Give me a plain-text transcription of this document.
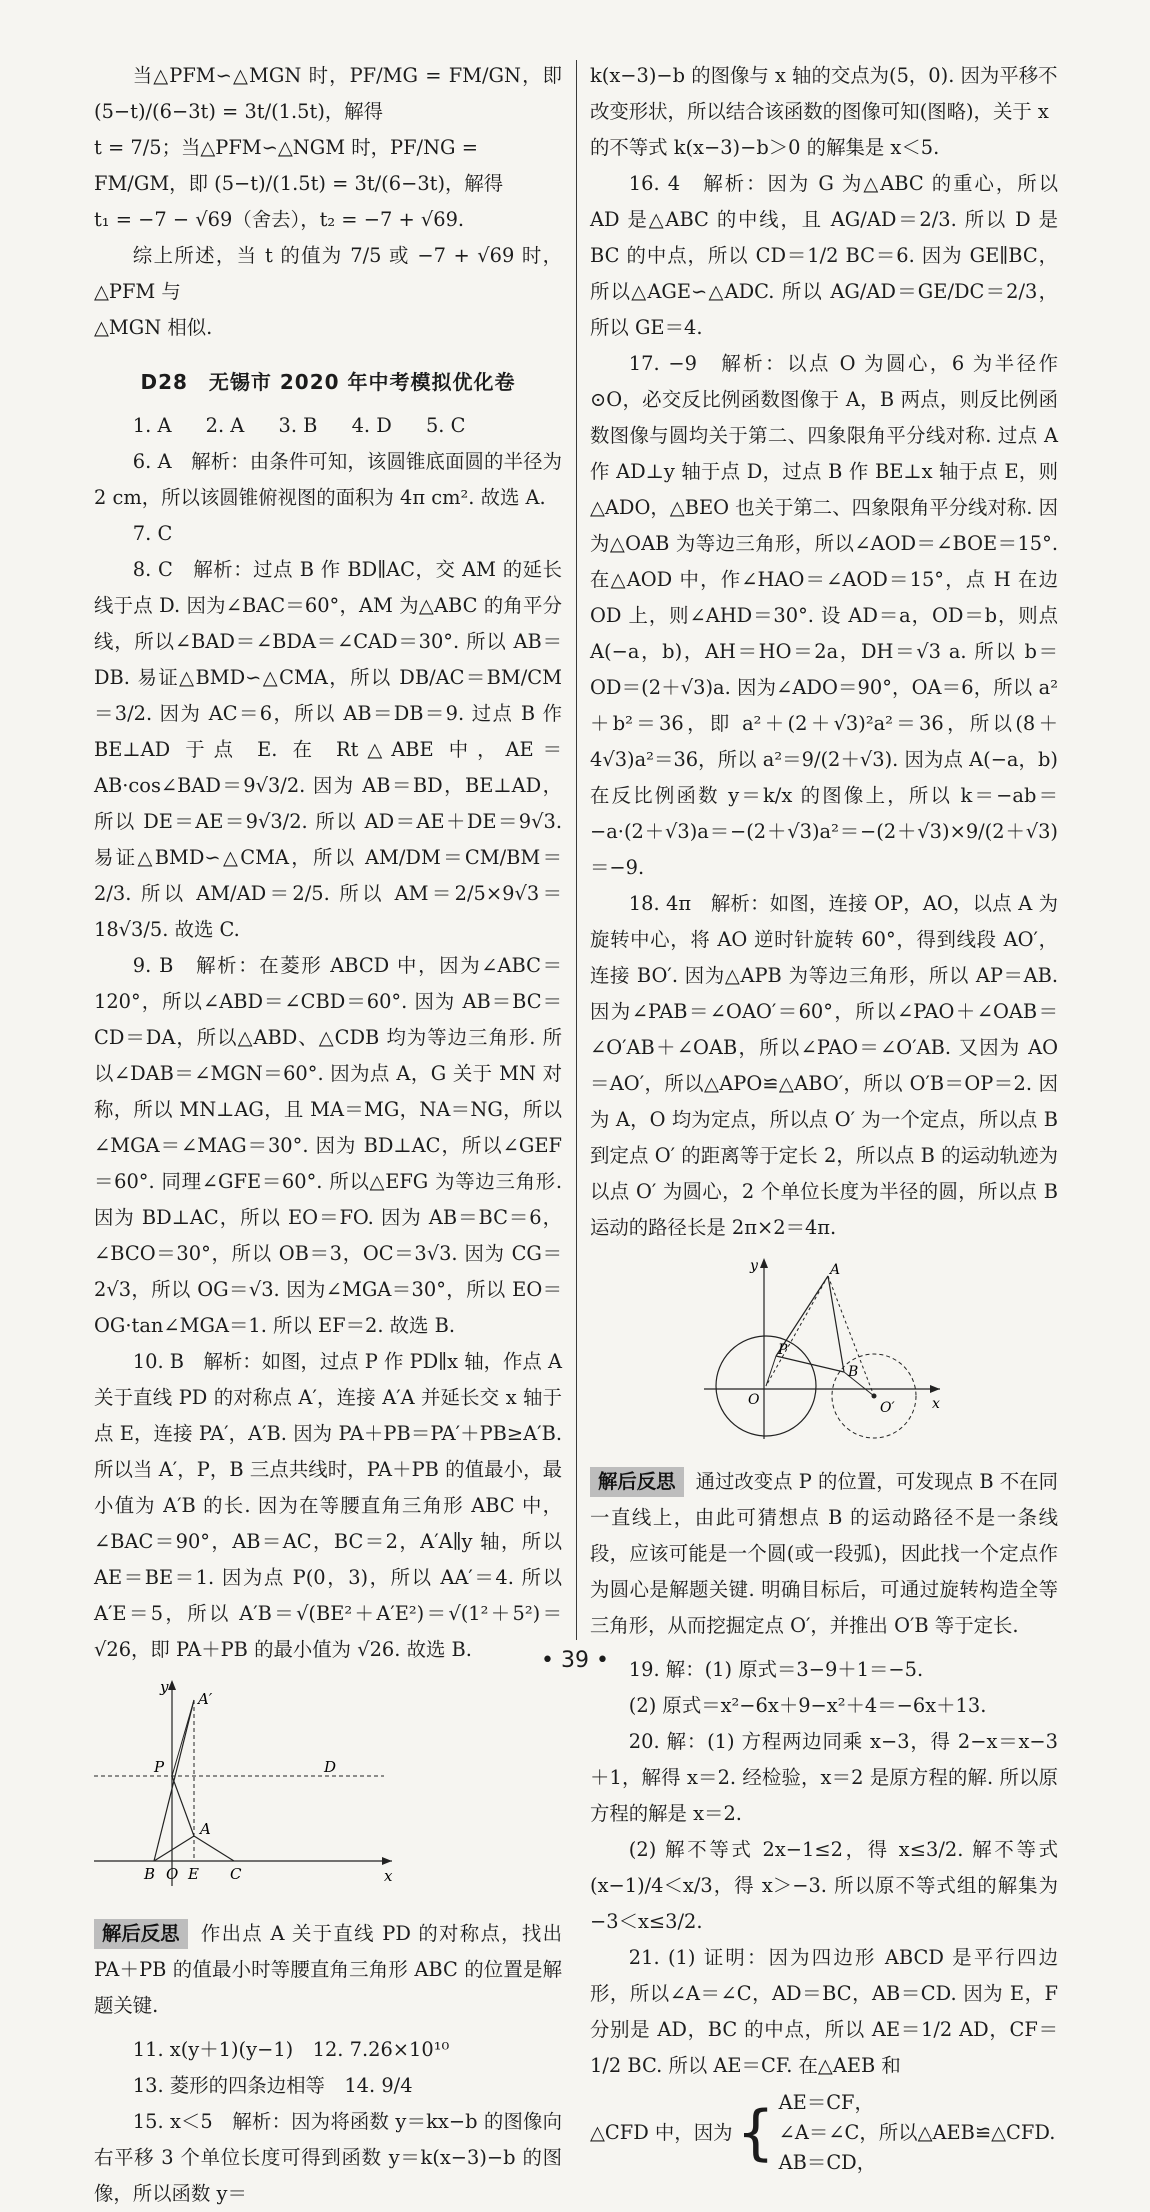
当△PFM∽△MGN 时，PF/MG = FM/GN，即 (5−t)/(6−3t) = 3t/(1.5t)，解得

t = 7/5；当△PFM∽△NGM 时，PF/NG = FM/GM，即 (5−t)/(1.5t) = 3t/(6−3t)，解得

t₁ = −7 − √69（舍去），t₂ = −7 + √69.

综上所述，当 t 的值为 7/5 或 −7 + √69 时，△PFM 与

△MGN 相似.

D28　无锡市 2020 年中考模拟优化卷

1. A 2. A 3. B 4. D 5. C

6. A　解析：由条件可知，该圆锥底面圆的半径为 2 cm，所以该圆锥俯视图的面积为 4π cm². 故选 A.

7. C

8. C　解析：过点 B 作 BD∥AC，交 AM 的延长线于点 D. 因为∠BAC＝60°，AM 为△ABC 的角平分线，所以∠BAD＝∠BDA＝∠CAD＝30°. 所以 AB＝DB. 易证△BMD∽△CMA，所以 DB/AC＝BM/CM＝3/2. 因为 AC＝6，所以 AB＝DB＝9. 过点 B 作 BE⊥AD 于点 E. 在 Rt△ABE 中，AE＝AB·cos∠BAD＝9√3/2. 因为 AB＝BD，BE⊥AD，所以 DE＝AE＝9√3/2. 所以 AD＝AE＋DE＝9√3. 易证△BMD∽△CMA，所以 AM/DM＝CM/BM＝2/3. 所以 AM/AD＝2/5. 所以 AM＝2/5×9√3＝18√3/5. 故选 C.

9. B　解析：在菱形 ABCD 中，因为∠ABC＝120°，所以∠ABD＝∠CBD＝60°. 因为 AB＝BC＝CD＝DA，所以△ABD、△CDB 均为等边三角形. 所以∠DAB＝∠MGN＝60°. 因为点 A，G 关于 MN 对称，所以 MN⊥AG，且 MA＝MG，NA＝NG，所以∠MGA＝∠MAG＝30°. 因为 BD⊥AC，所以∠GEF＝60°. 同理∠GFE＝60°. 所以△EFG 为等边三角形. 因为 BD⊥AC，所以 EO＝FO. 因为 AB＝BC＝6，∠BCO＝30°，所以 OB＝3，OC＝3√3. 因为 CG＝2√3，所以 OG＝√3. 因为∠MGA＝30°，所以 EO＝OG·tan∠MGA＝1. 所以 EF＝2. 故选 B.

10. B　解析：如图，过点 P 作 PD∥x 轴，作点 A 关于直线 PD 的对称点 A′，连接 A′A 并延长交 x 轴于点 E，连接 PA′，A′B. 因为 PA＋PB＝PA′＋PB≥A′B. 所以当 A′，P，B 三点共线时，PA＋PB 的值最小，最小值为 A′B 的长. 因为在等腰直角三角形 ABC 中，∠BAC＝90°，AB＝AC，BC＝2，A′A∥y 轴，所以 AE＝BE＝1. 因为点 P(0，3)，所以 AA′＝4. 所以 A′E＝5，所以 A′B＝√(BE²＋A′E²)＝√(1²＋5²)＝√26，即 PA＋PB 的最小值为 √26. 故选 B.

y
x
A′
P	D
A
B O E C

解后反思 作出点 A 关于直线 PD 的对称点，找出 PA＋PB 的值最小时等腰直角三角形 ABC 的位置是解题关键.

11. x(y＋1)(y−1)　 12. 7.26×10¹⁰

13. 菱形的四条边相等　 14. 9/4

15. x＜5　解析：因为将函数 y＝kx−b 的图像向右平移 3 个单位长度可得到函数 y＝k(x−3)−b 的图像，所以函数 y＝

k(x−3)−b 的图像与 x 轴的交点为(5，0). 因为平移不改变形状，所以结合该函数的图像可知(图略)，关于 x 的不等式 k(x−3)−b＞0 的解集是 x＜5.

16. 4　解析：因为 G 为△ABC 的重心，所以 AD 是△ABC 的中线，且 AG/AD＝2/3. 所以 D 是 BC 的中点，所以 CD＝1/2 BC＝6. 因为 GE∥BC，所以△AGE∽△ADC. 所以 AG/AD＝GE/DC＝2/3，所以 GE＝4.

17. −9　解析：以点 O 为圆心，6 为半径作⊙O，必交反比例函数图像于 A，B 两点，则反比例函数图像与圆均关于第二、四象限角平分线对称. 过点 A 作 AD⊥y 轴于点 D，过点 B 作 BE⊥x 轴于点 E，则△ADO，△BEO 也关于第二、四象限角平分线对称. 因为△OAB 为等边三角形，所以∠AOD＝∠BOE＝15°. 在△AOD 中，作∠HAO＝∠AOD＝15°，点 H 在边 OD 上，则∠AHD＝30°. 设 AD＝a，OD＝b，则点 A(−a，b)，AH＝HO＝2a，DH＝√3 a. 所以 b＝OD＝(2＋√3)a. 因为∠ADO＝90°，OA＝6，所以 a²＋b²＝36，即 a²＋(2＋√3)²a²＝36，所以(8＋4√3)a²＝36，所以 a²＝9/(2＋√3). 因为点 A(−a，b)在反比例函数 y＝k/x 的图像上，所以 k＝−ab＝−a·(2＋√3)a＝−(2＋√3)a²＝−(2＋√3)×9/(2＋√3)＝−9.

18. 4π　解析：如图，连接 OP，AO，以点 A 为旋转中心，将 AO 逆时针旋转 60°，得到线段 AO′，连接 BO′. 因为△APB 为等边三角形，所以 AP＝AB. 因为∠PAB＝∠OAO′＝60°，所以∠PAO＋∠OAB＝∠O′AB＋∠OAB，所以∠PAO＝∠O′AB. 又因为 AO＝AO′，所以△APO≌△ABO′，所以 O′B＝OP＝2. 因为 A，O 均为定点，所以点 O′ 为一个定点，所以点 B 到定点 O′ 的距离等于定长 2，所以点 B 的运动轨迹为以点 O′ 为圆心，2 个单位长度为半径的圆，所以点 B 运动的路径长是 2π×2＝4π.

y
x
A
P
B
O	O′

解后反思 通过改变点 P 的位置，可发现点 B 不在同一直线上，由此可猜想点 B 的运动路径不是一条线段，应该可能是一个圆(或一段弧)，因此找一个定点作为圆心是解题关键. 明确目标后，可通过旋转构造全等三角形，从而挖掘定点 O′，并推出 O′B 等于定长.

19. 解：(1) 原式＝3−9＋1＝−5.

(2) 原式＝x²−6x＋9−x²＋4＝−6x＋13.

20. 解：(1) 方程两边同乘 x−3，得 2−x＝x−3＋1，解得 x＝2. 经检验，x＝2 是原方程的解. 所以原方程的解是 x＝2.

(2) 解不等式 2x−1≤2，得 x≤3/2. 解不等式 (x−1)/4＜x/3，得 x＞−3. 所以原不等式组的解集为 −3＜x≤3/2.

21. (1) 证明：因为四边形 ABCD 是平行四边形，所以∠A＝∠C，AD＝BC，AB＝CD. 因为 E，F 分别是 AD，BC 的中点，所以 AE＝1/2 AD，CF＝1/2 BC. 所以 AE＝CF. 在△AEB 和

△CFD 中，因为 { AE＝CF，
∠A＝∠C，所以△AEB≌△CFD.
AB＝CD，
• 39 •
